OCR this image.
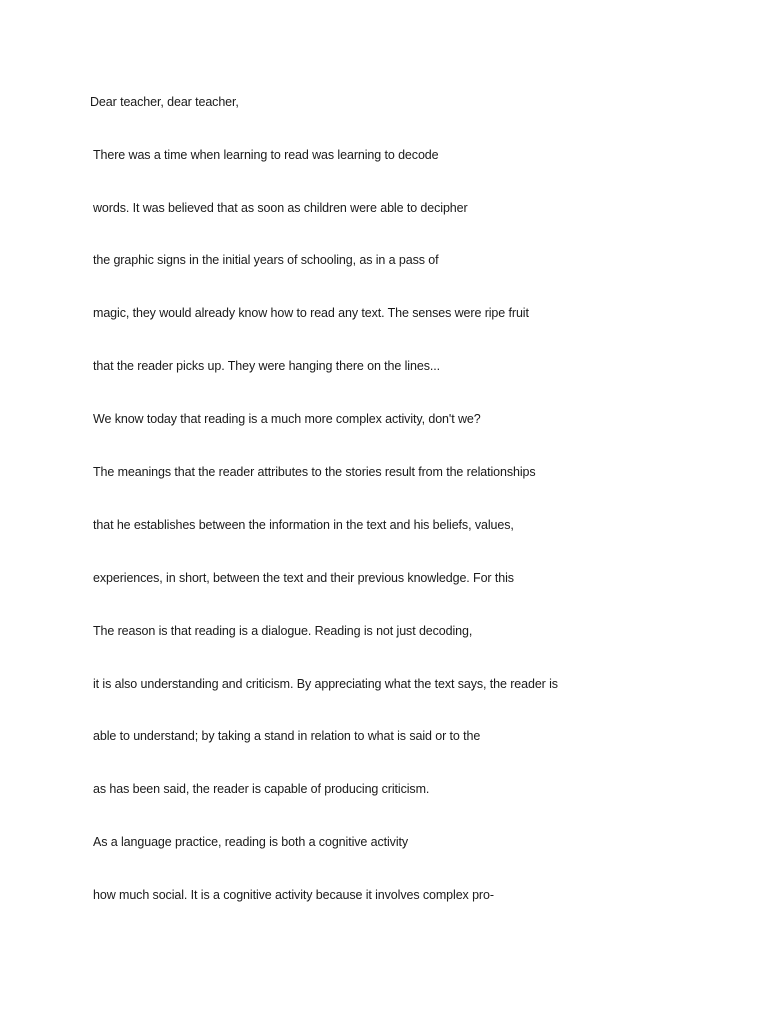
Dear teacher, dear teacher,
There was a time when learning to read was learning to decode
words. It was believed that as soon as children were able to decipher
the graphic signs in the initial years of schooling, as in a pass of
magic, they would already know how to read any text. The senses were ripe fruit
that the reader picks up. They were hanging there on the lines...
We know today that reading is a much more complex activity, don't we?
The meanings that the reader attributes to the stories result from the relationships
that he establishes between the information in the text and his beliefs, values,
experiences, in short, between the text and their previous knowledge. For this
The reason is that reading is a dialogue. Reading is not just decoding,
it is also understanding and criticism. By appreciating what the text says, the reader is
able to understand; by taking a stand in relation to what is said or to the
as has been said, the reader is capable of producing criticism.
As a language practice, reading is both a cognitive activity
how much social. It is a cognitive activity because it involves complex pro-
